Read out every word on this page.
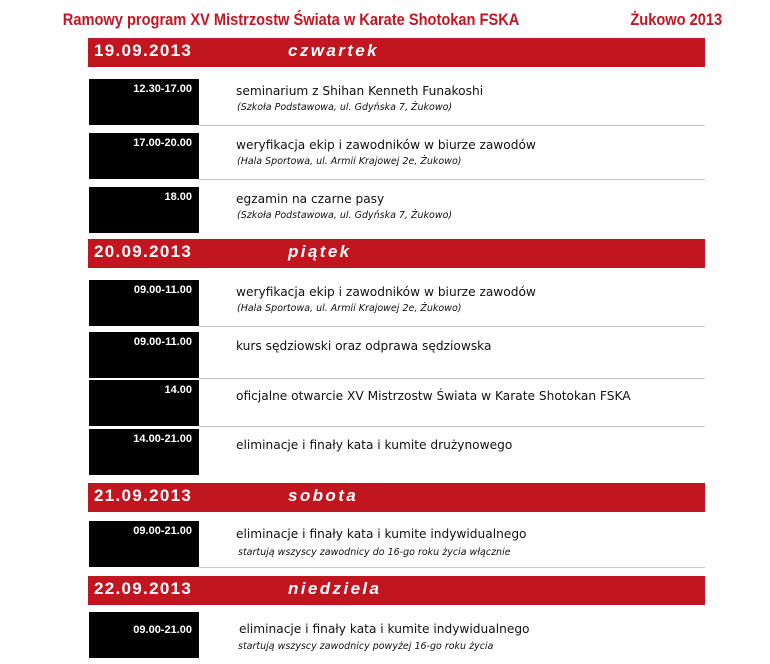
Ramowy program XV Mistrzostw Świata w Karate Shotokan FSKA	Żukowo 2013
19.09.2013	czwartek
12.30-17.00	seminarium z Shihan Kenneth Funakoshi
(Szkoła Podstawowa, ul. Gdyńska 7, Żukowo)
17.00-20.00	weryfikacja ekip i zawodników w biurze zawodów
(Hala Sportowa, ul. Armii Krajowej 2e, Żukowo)
18.00	egzamin na czarne pasy
(Szkoła Podstawowa, ul. Gdyńska 7, Żukowo)
20.09.2013	piątek
09.00-11.00	weryfikacja ekip i zawodników w biurze zawodów
(Hala Sportowa, ul. Armii Krajowej 2e, Żukowo)
09.00-11.00	kurs sędziowski oraz odprawa sędziowska
14.00	oficjalne otwarcie XV Mistrzostw Świata w Karate Shotokan FSKA
14.00-21.00	eliminacje i finały kata i kumite drużynowego
21.09.2013	sobota
09.00-21.00	eliminacje i finały kata i kumite indywidualnego
startują wszyscy zawodnicy do 16-go roku życia włącznie
22.09.2013	niedziela
09.00-21.00	eliminacje i finały kata i kumite indywidualnego
startują wszyscy zawodnicy powyżej 16-go roku życia
